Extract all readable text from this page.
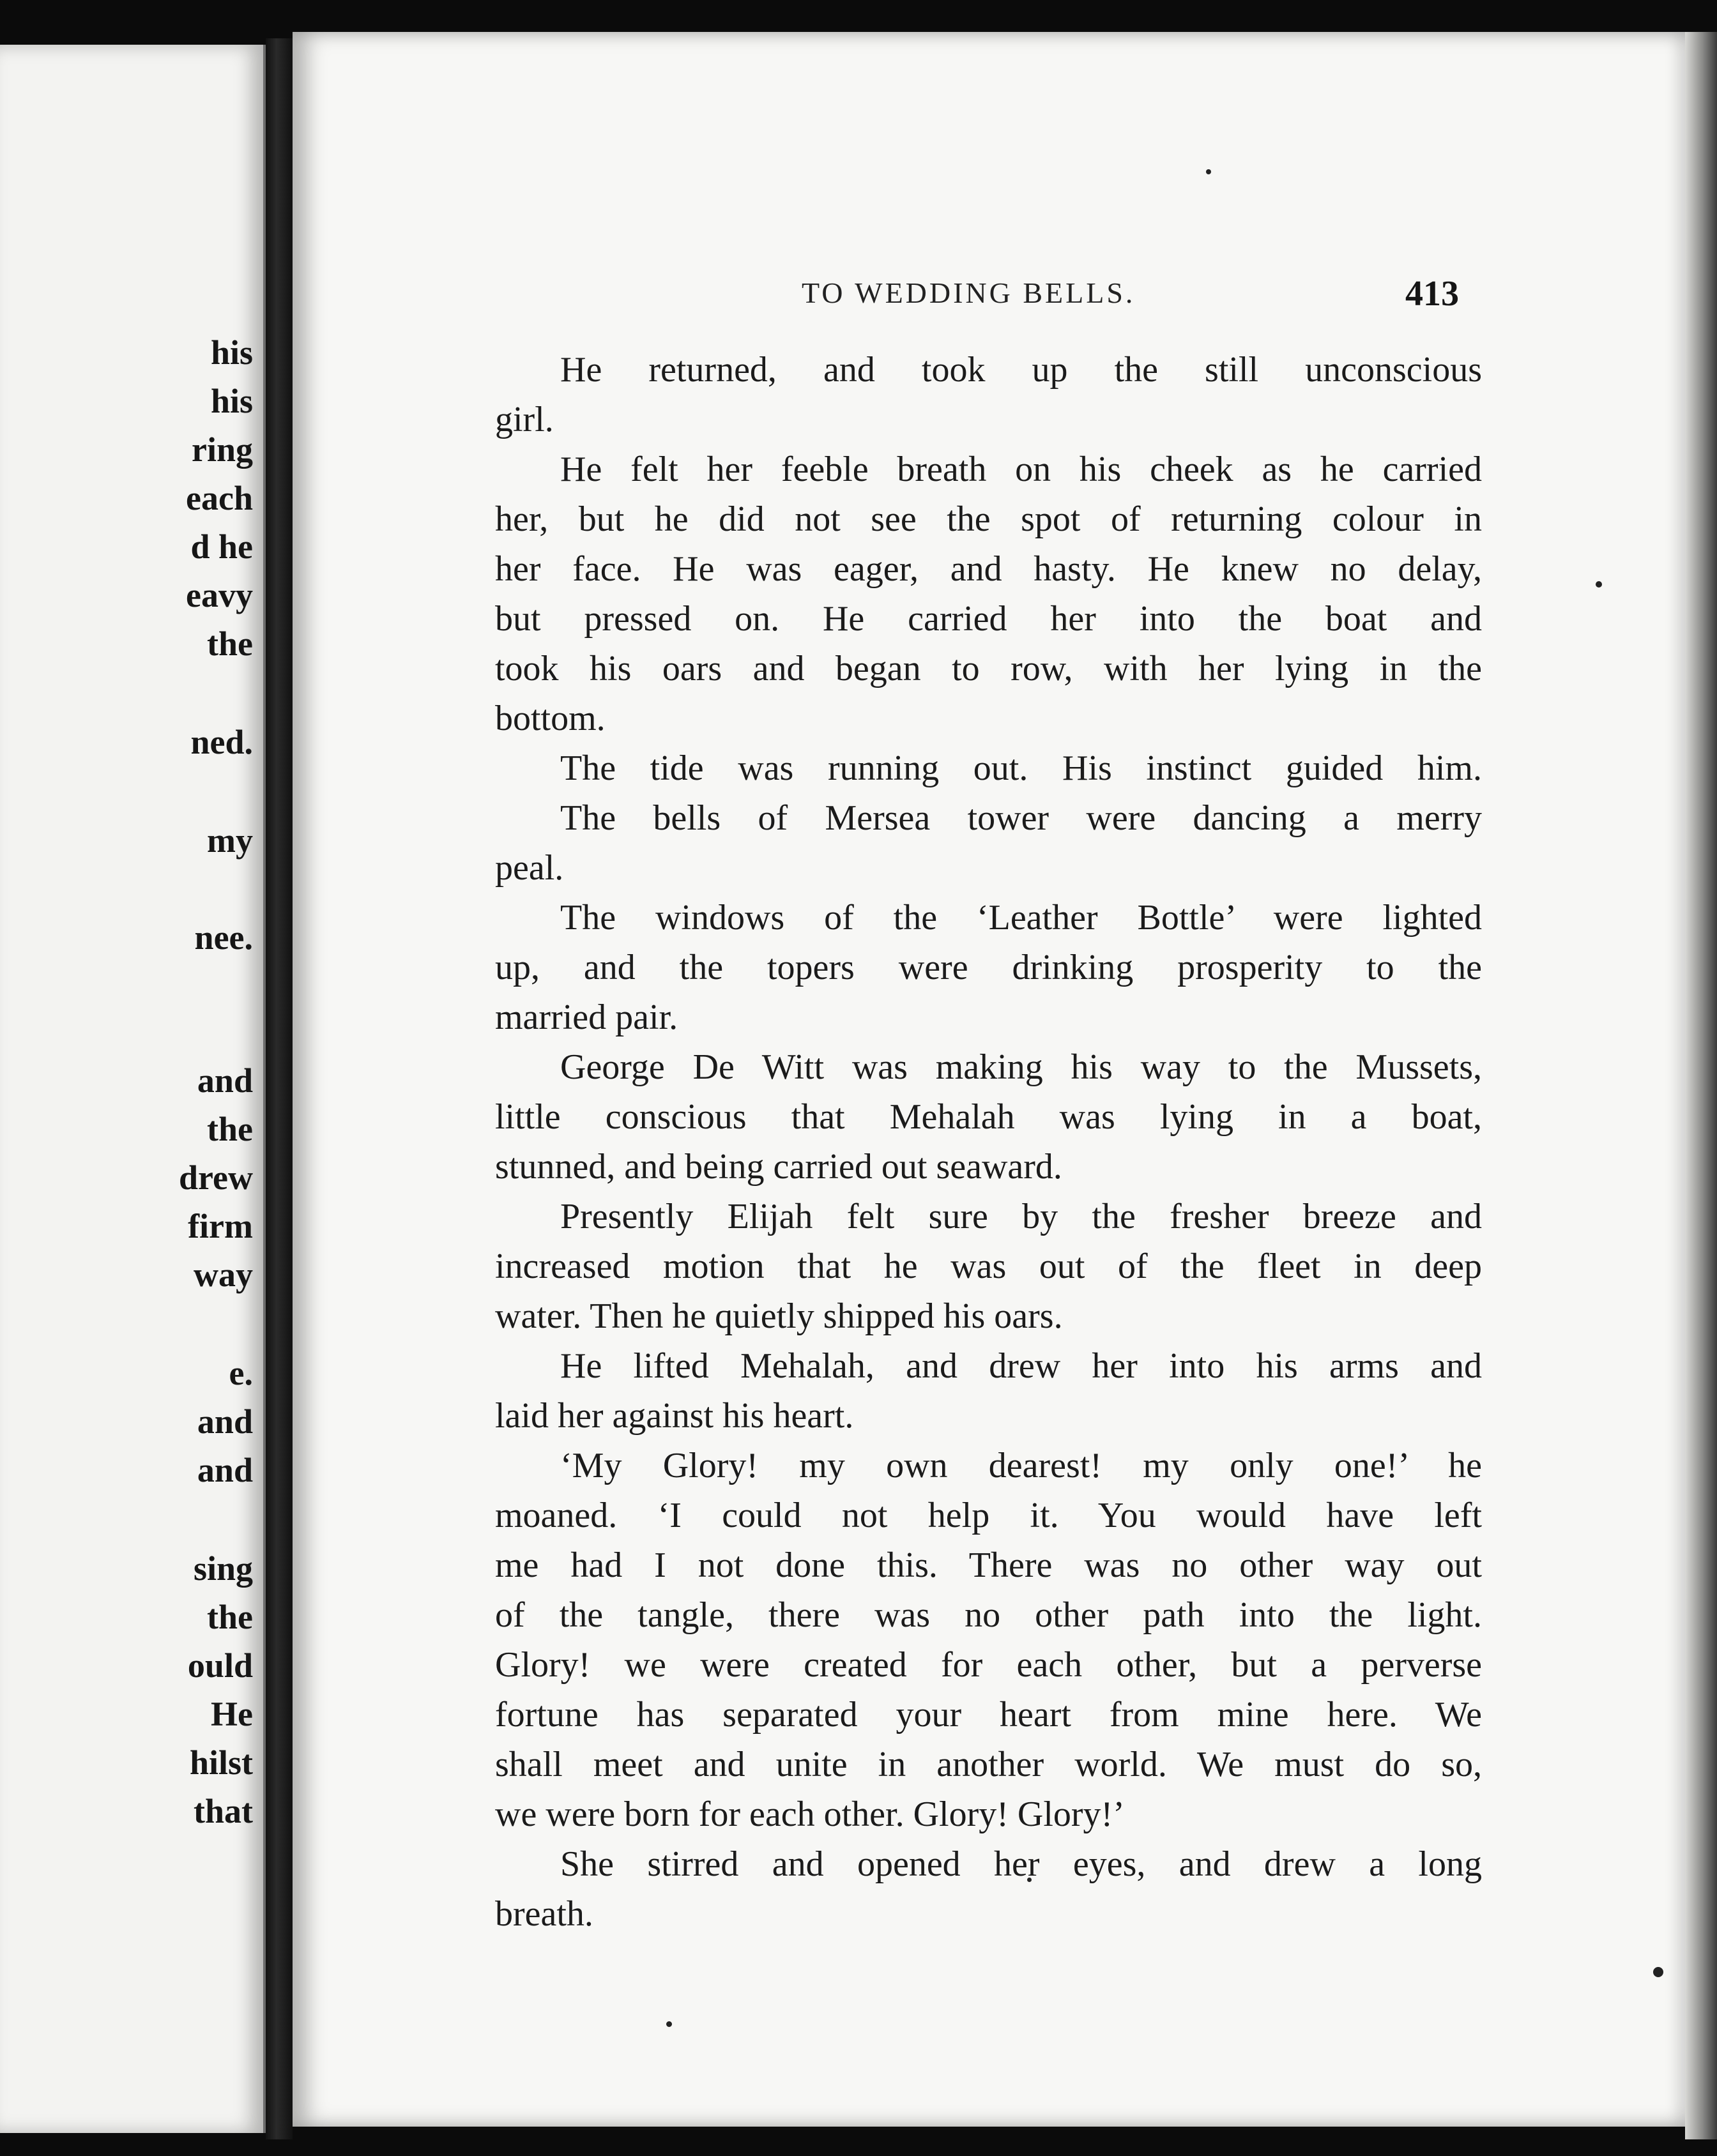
his
his
ring
each
d he
eavy
the
ned.
my
nee.
and
the
drew
firm
way
e.
and
and
sing
the
ould
He
hilst
that
TO WEDDING BELLS.	413
He returned, and took up the still unconscious
girl.
He felt her feeble breath on his cheek as he carried
her, but he did not see the spot of returning colour in
her face. He was eager, and hasty. He knew no delay,
but pressed on. He carried her into the boat and
took his oars and began to row, with her lying in the
bottom.
The tide was running out. His instinct guided him.
The bells of Mersea tower were dancing a merry
peal.
The windows of the ‘Leather Bottle’ were lighted
up, and the topers were drinking prosperity to the
married pair.
George De Witt was making his way to the Mussets,
little conscious that Mehalah was lying in a boat,
stunned, and being carried out seaward.
Presently Elijah felt sure by the fresher breeze and
increased motion that he was out of the fleet in deep
water. Then he quietly shipped his oars.
He lifted Mehalah, and drew her into his arms and
laid her against his heart.
‘My Glory! my own dearest! my only one!’ he
moaned. ‘I could not help it. You would have left
me had I not done this. There was no other way out
of the tangle, there was no other path into the light.
Glory! we were created for each other, but a perverse
fortune has separated your heart from mine here. We
shall meet and unite in another world. We must do so,
we were born for each other. Glory! Glory!’
She stirred and opened her eyes, and drew a long
breath.
